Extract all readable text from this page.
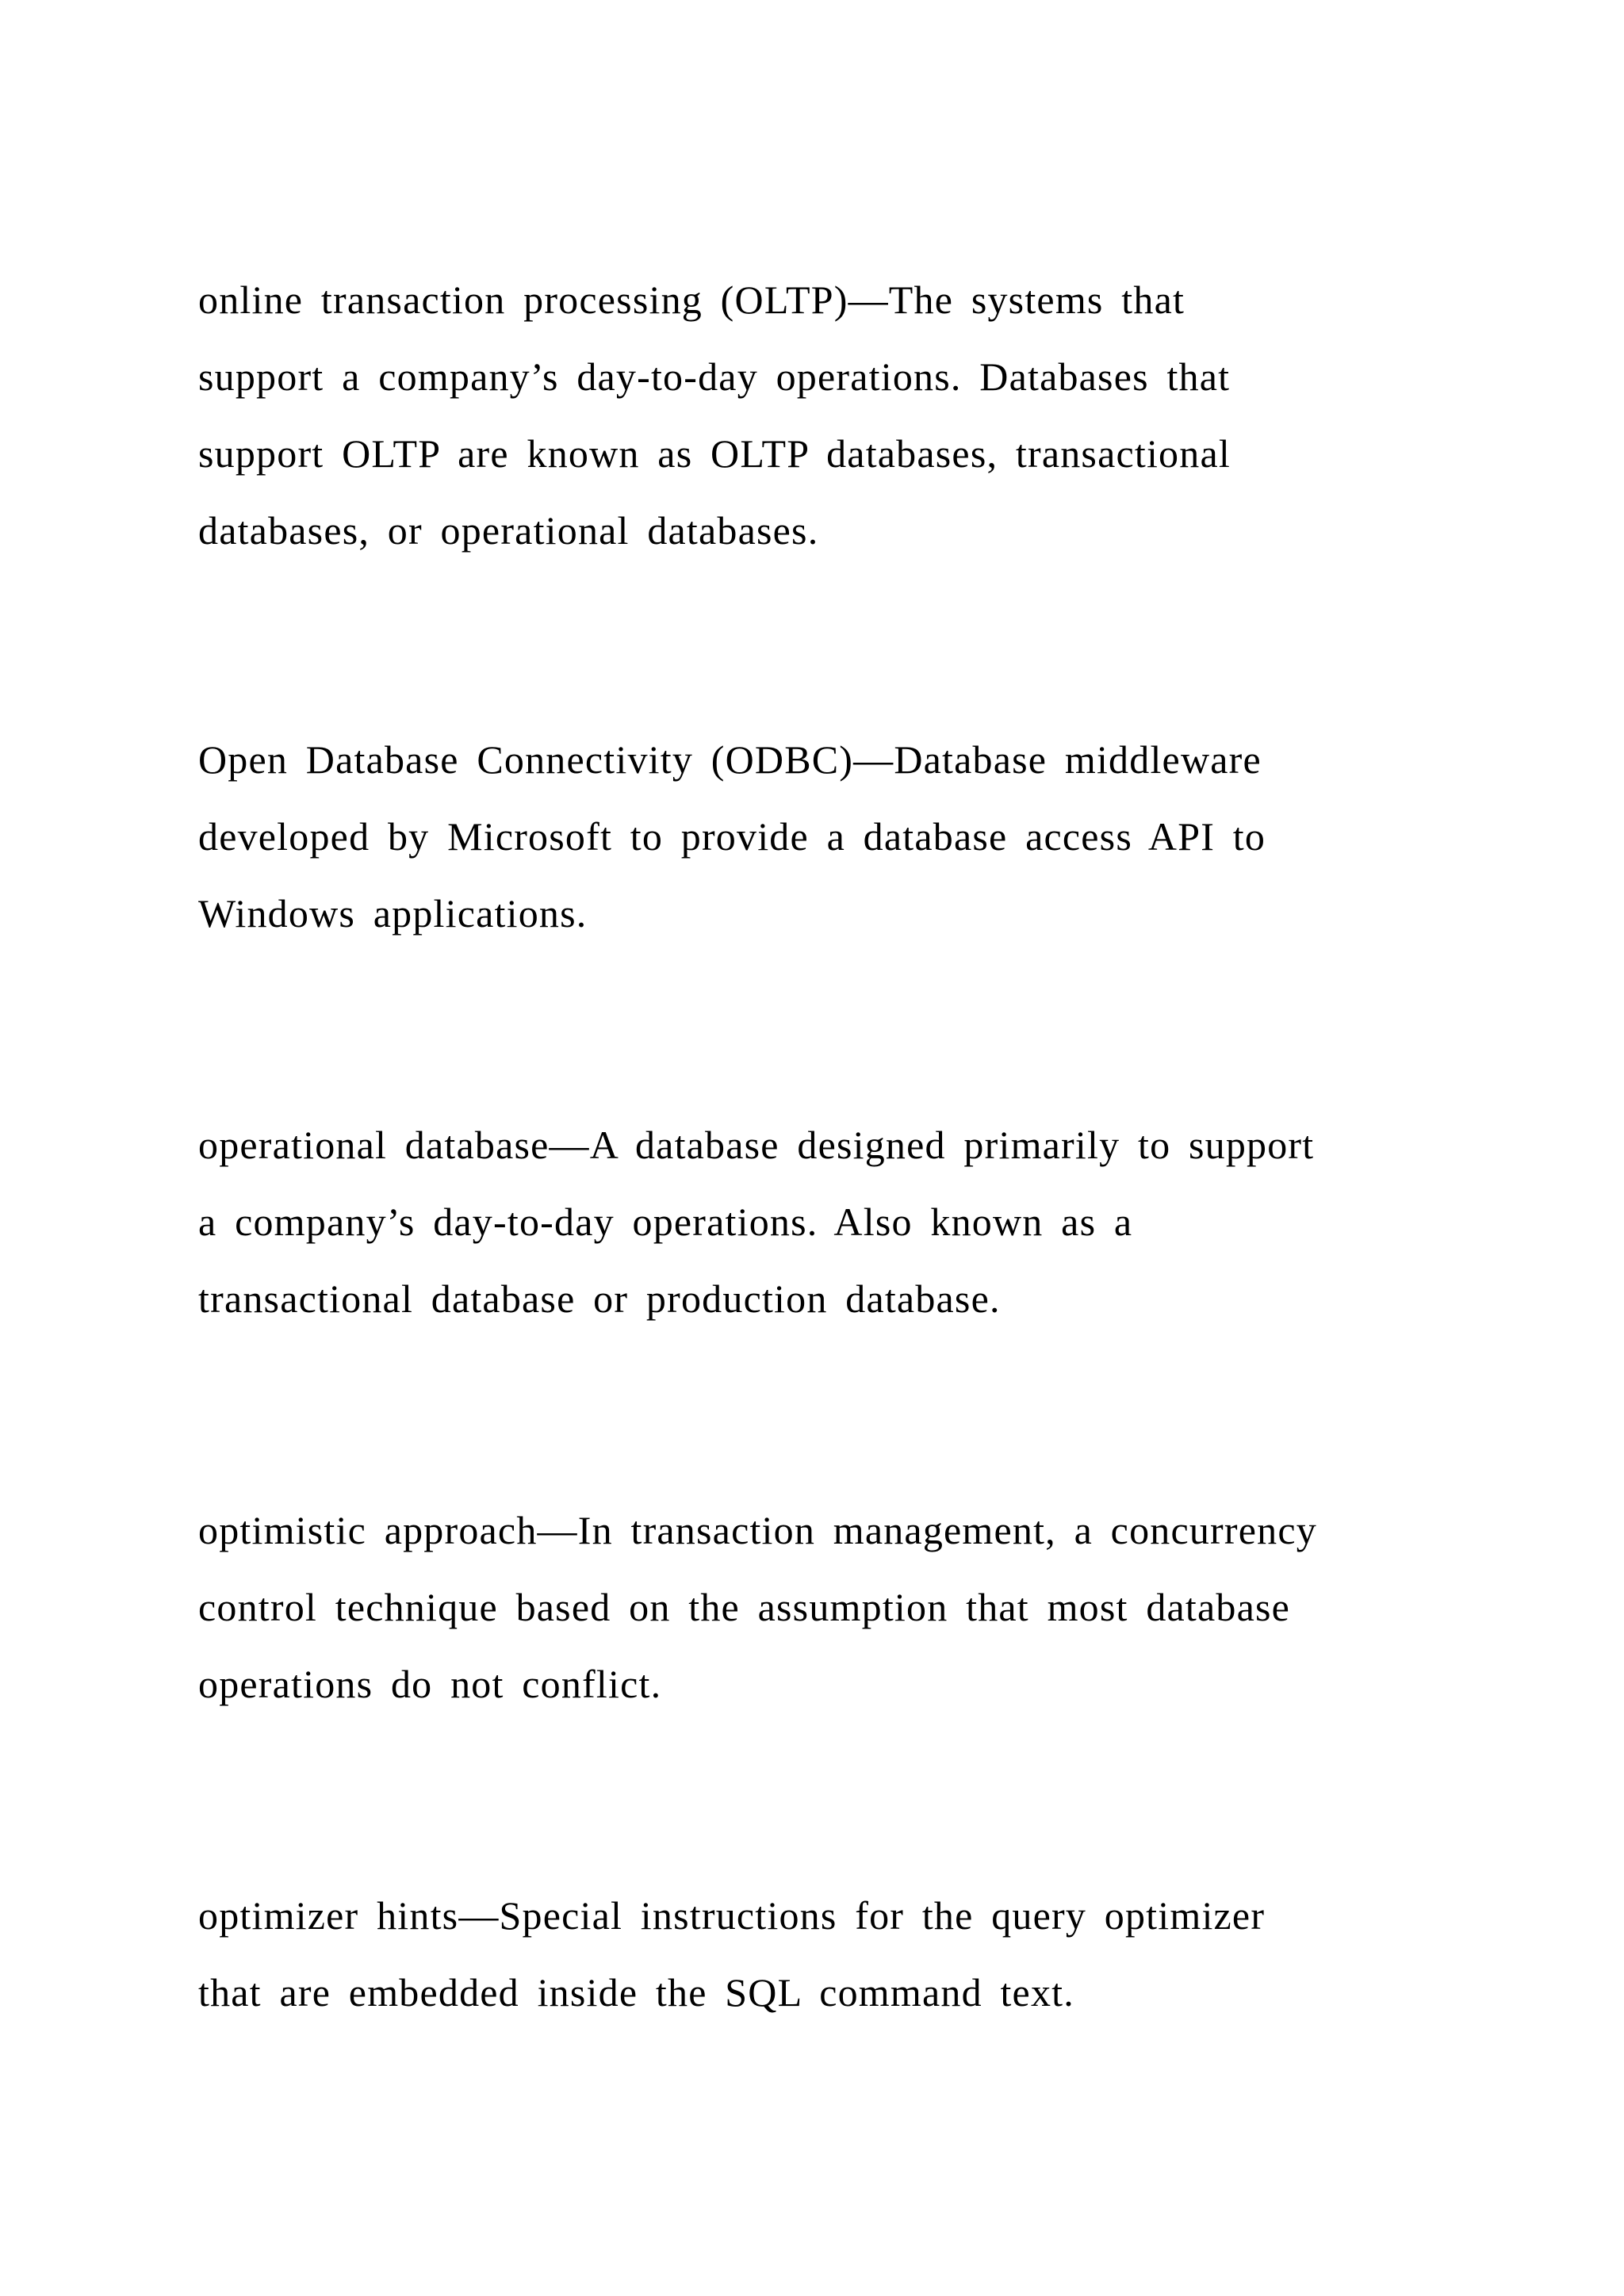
online transaction processing (OLTP)—The systems that
support a company’s day-to-day operations. Databases that
support OLTP are known as OLTP databases, transactional
databases, or operational databases.

Open Database Connectivity (ODBC)—Database middleware
developed by Microsoft to provide a database access API to
Windows applications.

operational database—A database designed primarily to support
a company’s day-to-day operations. Also known as a
transactional database or production database.

optimistic approach—In transaction management, a concurrency
control technique based on the assumption that most database
operations do not conflict.

optimizer hints—Special instructions for the query optimizer
that are embedded inside the SQL command text.
